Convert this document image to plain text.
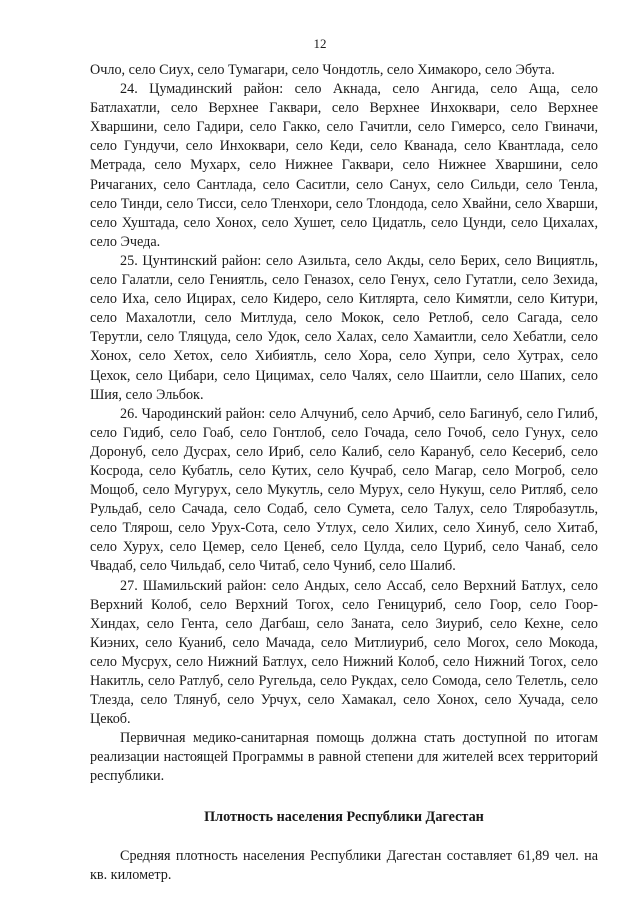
12

Очло, село Сиух, село Тумагари, село Чондотль, село Химакоро, село Эбута.

24. Цумадинский район: село Акнада, село Ангида, село Аща, село Батлахатли, село Верхнее Гаквари, село Верхнее Инхоквари, село Верхнее Хваршини, село Гадири, село Гакко, село Гачитли, село Гимерсо, село Гвиначи, село Гундучи, село Инхоквари, село Кеди, село Кванада, село Квантлада, село Метрада, село Мухарх, село Нижнее Гаквари, село Нижнее Хваршини, село Ричаганих, село Сантлада, село Саситли, село Санух, село Сильди, село Тенла, село Тинди, село Тисси, село Тленхори, село Тлондода, село Хвайни, село Хварши, село Хуштада, село Хонох, село Хушет, село Цидатль, село Цунди, село Цихалах, село Эчеда.

25. Цунтинский район: село Азильта, село Акды, село Берих, село Вициятль, село Галатли, село Гениятль, село Геназох, село Генух, село Гутатли, село Зехида, село Иха, село Ицирах, село Кидеро, село Китлярта, село Кимятли, село Китури, село Махалотли, село Митлуда, село Мокок, село Ретлоб, село Сагада, село Терутли, село Тляцуда, село Удок, село Халах, село Хамаитли, село Хебатли, село Хонох, село Хетох, село Хибиятль, село Хора, село Хупри, село Хутрах, село Цехок, село Цибари, село Цицимах, село Чалях, село Шаитли, село Шапих, село Шия, село Эльбок.

26. Чародинский район: село Алчуниб, село Арчиб, село Багинуб, село Гилиб, село Гидиб, село Гоаб, село Гонтлоб, село Гочада, село Гочоб, село Гунух, село Доронуб, село Дусрах, село Ириб, село Калиб, село Карануб, село Кесериб, село Косрода, село Кубатль, село Кутих, село Кучраб, село Магар, село Mогроб, село Мощоб, село Мугурух, село Мукутль, село Мурух, село Нукуш, село Ритляб, село Рульдаб, село Сачада, село Содаб, село Сумета, село Талух, село Тляробазутль, село Тлярош, село Урух-Сота, село Утлух, село Хилих, село Хинуб, село Хитаб, село Хурух, село Цемер, село Ценеб, село Цулда, село Цуриб, село Чанаб, село Чвадаб, село Чильдаб, село Читаб, село Чуниб, село Шалиб.

27. Шамильский район: село Андых, село Ассаб, село Верхний Батлух, село Верхний Колоб, село Верхний Тогох, село Геницуриб, село Гоор, село Гоор-Хиндах, село Гента, село Дагбаш, село Заната, село Зиуриб, село Кехне, село Киэних, село Куаниб, село Мачада, село Митлиуриб, село Могох, село Мокода, село Мусрух, село Нижний Батлух, село Нижний Колоб, село Нижний Тогох, село Накитль, село Ратлуб, село Ругельда, село Рукдах, село Сомода, село Телетль, село Тлезда, село Тлянуб, село Урчух, село Хамакал, село Хонох, село Хучада, село Цекоб.

Первичная медико-санитарная помощь должна стать доступной по итогам реализации настоящей Программы в равной степени для жителей всех территорий республики.

Плотность населения Республики Дагестан

Средняя плотность населения Республики Дагестан составляет 61,89 чел. на кв. километр.
